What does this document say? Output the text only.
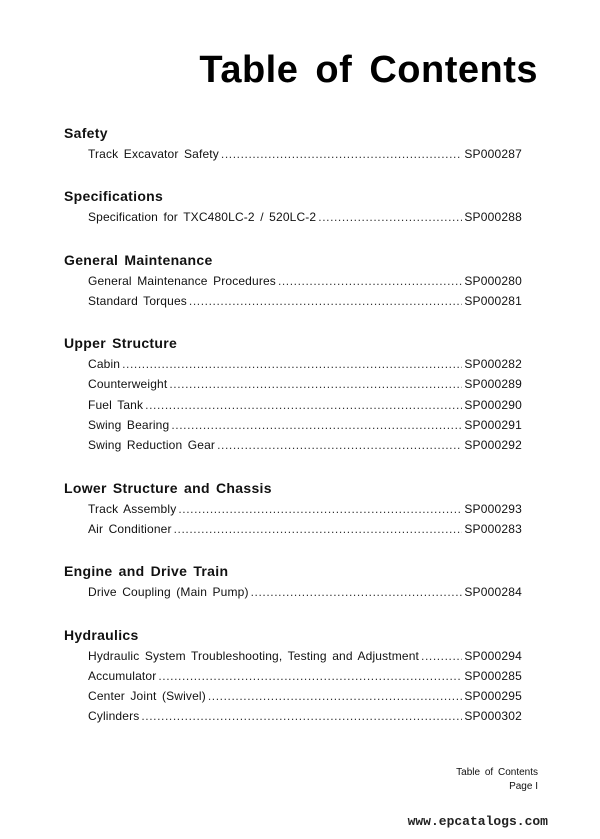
Table of Contents
Safety
Track Excavator Safety .....	SP000287
Specifications
Specification for TXC480LC-2 / 520LC-2 .....	SP000288
General Maintenance
General Maintenance Procedures .....	SP000280
Standard Torques .....	SP000281
Upper Structure
Cabin .....	SP000282
Counterweight .....	SP000289
Fuel Tank .....	SP000290
Swing Bearing .....	SP000291
Swing Reduction Gear .....	SP000292
Lower Structure and Chassis
Track Assembly .....	SP000293
Air Conditioner .....	SP000283
Engine and Drive Train
Drive Coupling (Main Pump) .....	SP000284
Hydraulics
Hydraulic System Troubleshooting, Testing and Adjustment .....	SP000294
Accumulator .....	SP000285
Center Joint (Swivel) .....	SP000295
Cylinders .....	SP000302
Table of Contents
Page I
www.epcatalogs.com
